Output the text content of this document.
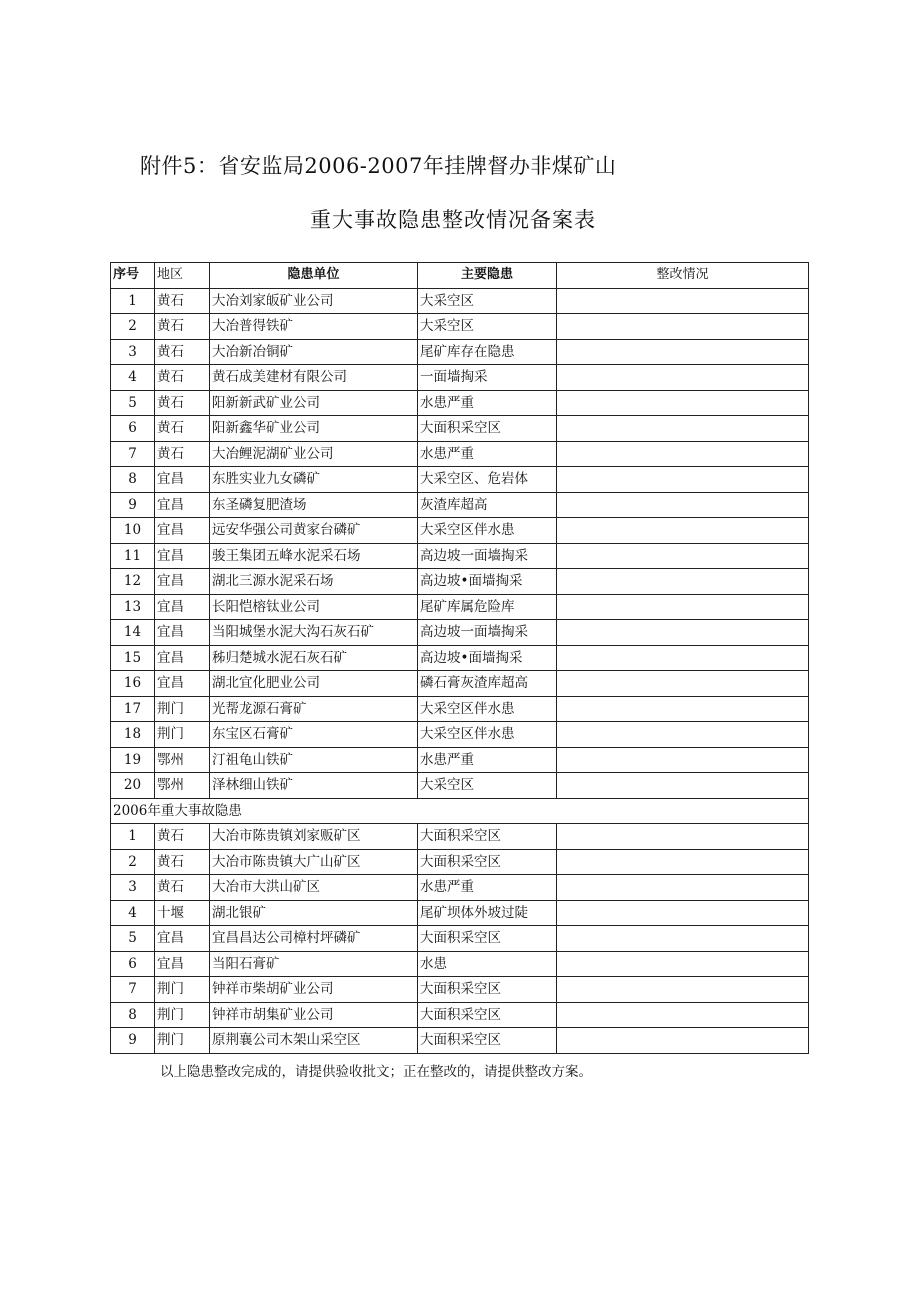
附件5：省安监局2006-2007年挂牌督办非煤矿山
重大事故隐患整改情况备案表
序号	地区	隐患单位	主要隐患	整改情况
1	黄石	大冶刘家皈矿业公司	大采空区	
2	黄石	大冶普得铁矿	大采空区	
3	黄石	大冶新冶铜矿	尾矿库存在隐患	
4	黄石	黄石成美建材有限公司	一面墙掏采	
5	黄石	阳新新武矿业公司	水患严重	
6	黄石	阳新鑫华矿业公司	大面积采空区	
7	黄石	大冶鲤泥湖矿业公司	水患严重	
8	宜昌	东胜实业九女磷矿	大采空区、危岩体	
9	宜昌	东圣磷复肥渣场	灰渣库超高	
10	宜昌	远安华强公司黄家台磷矿	大采空区伴水患	
11	宜昌	骏王集团五峰水泥采石场	高边坡一面墙掏采	
12	宜昌	湖北三源水泥采石场	高边坡•面墙掏采	
13	宜昌	长阳恺榕钛业公司	尾矿库属危险库	
14	宜昌	当阳城堡水泥大沟石灰石矿	高边坡一面墙掏采	
15	宜昌	秭归楚城水泥石灰石矿	高边坡•面墙掏采	
16	宜昌	湖北宜化肥业公司	磷石膏灰渣库超高	
17	荆门	光帮龙源石膏矿	大采空区伴水患	
18	荆门	东宝区石膏矿	大采空区伴水患	
19	鄂州	汀祖龟山铁矿	水患严重	
20	鄂州	泽林细山铁矿	大采空区	
2006年重大事故隐患				
1	黄石	大冶市陈贵镇刘家贩矿区	大面积采空区	
2	黄石	大冶市陈贵镇大广山矿区	大面积采空区	
3	黄石	大冶市大洪山矿区	水患严重	
4	十堰	湖北银矿	尾矿坝体外坡过陡	
5	宜昌	宜昌昌达公司樟村坪磷矿	大面积采空区	
6	宜昌	当阳石膏矿	水患	
7	荆门	钟祥市柴胡矿业公司	大面积采空区	
8	荆门	钟祥市胡集矿业公司	大面积采空区	
9	荆门	原荆襄公司木架山采空区	大面积采空区	
以上隐患整改完成的，请提供验收批文；正在整改的，请提供整改方案。
